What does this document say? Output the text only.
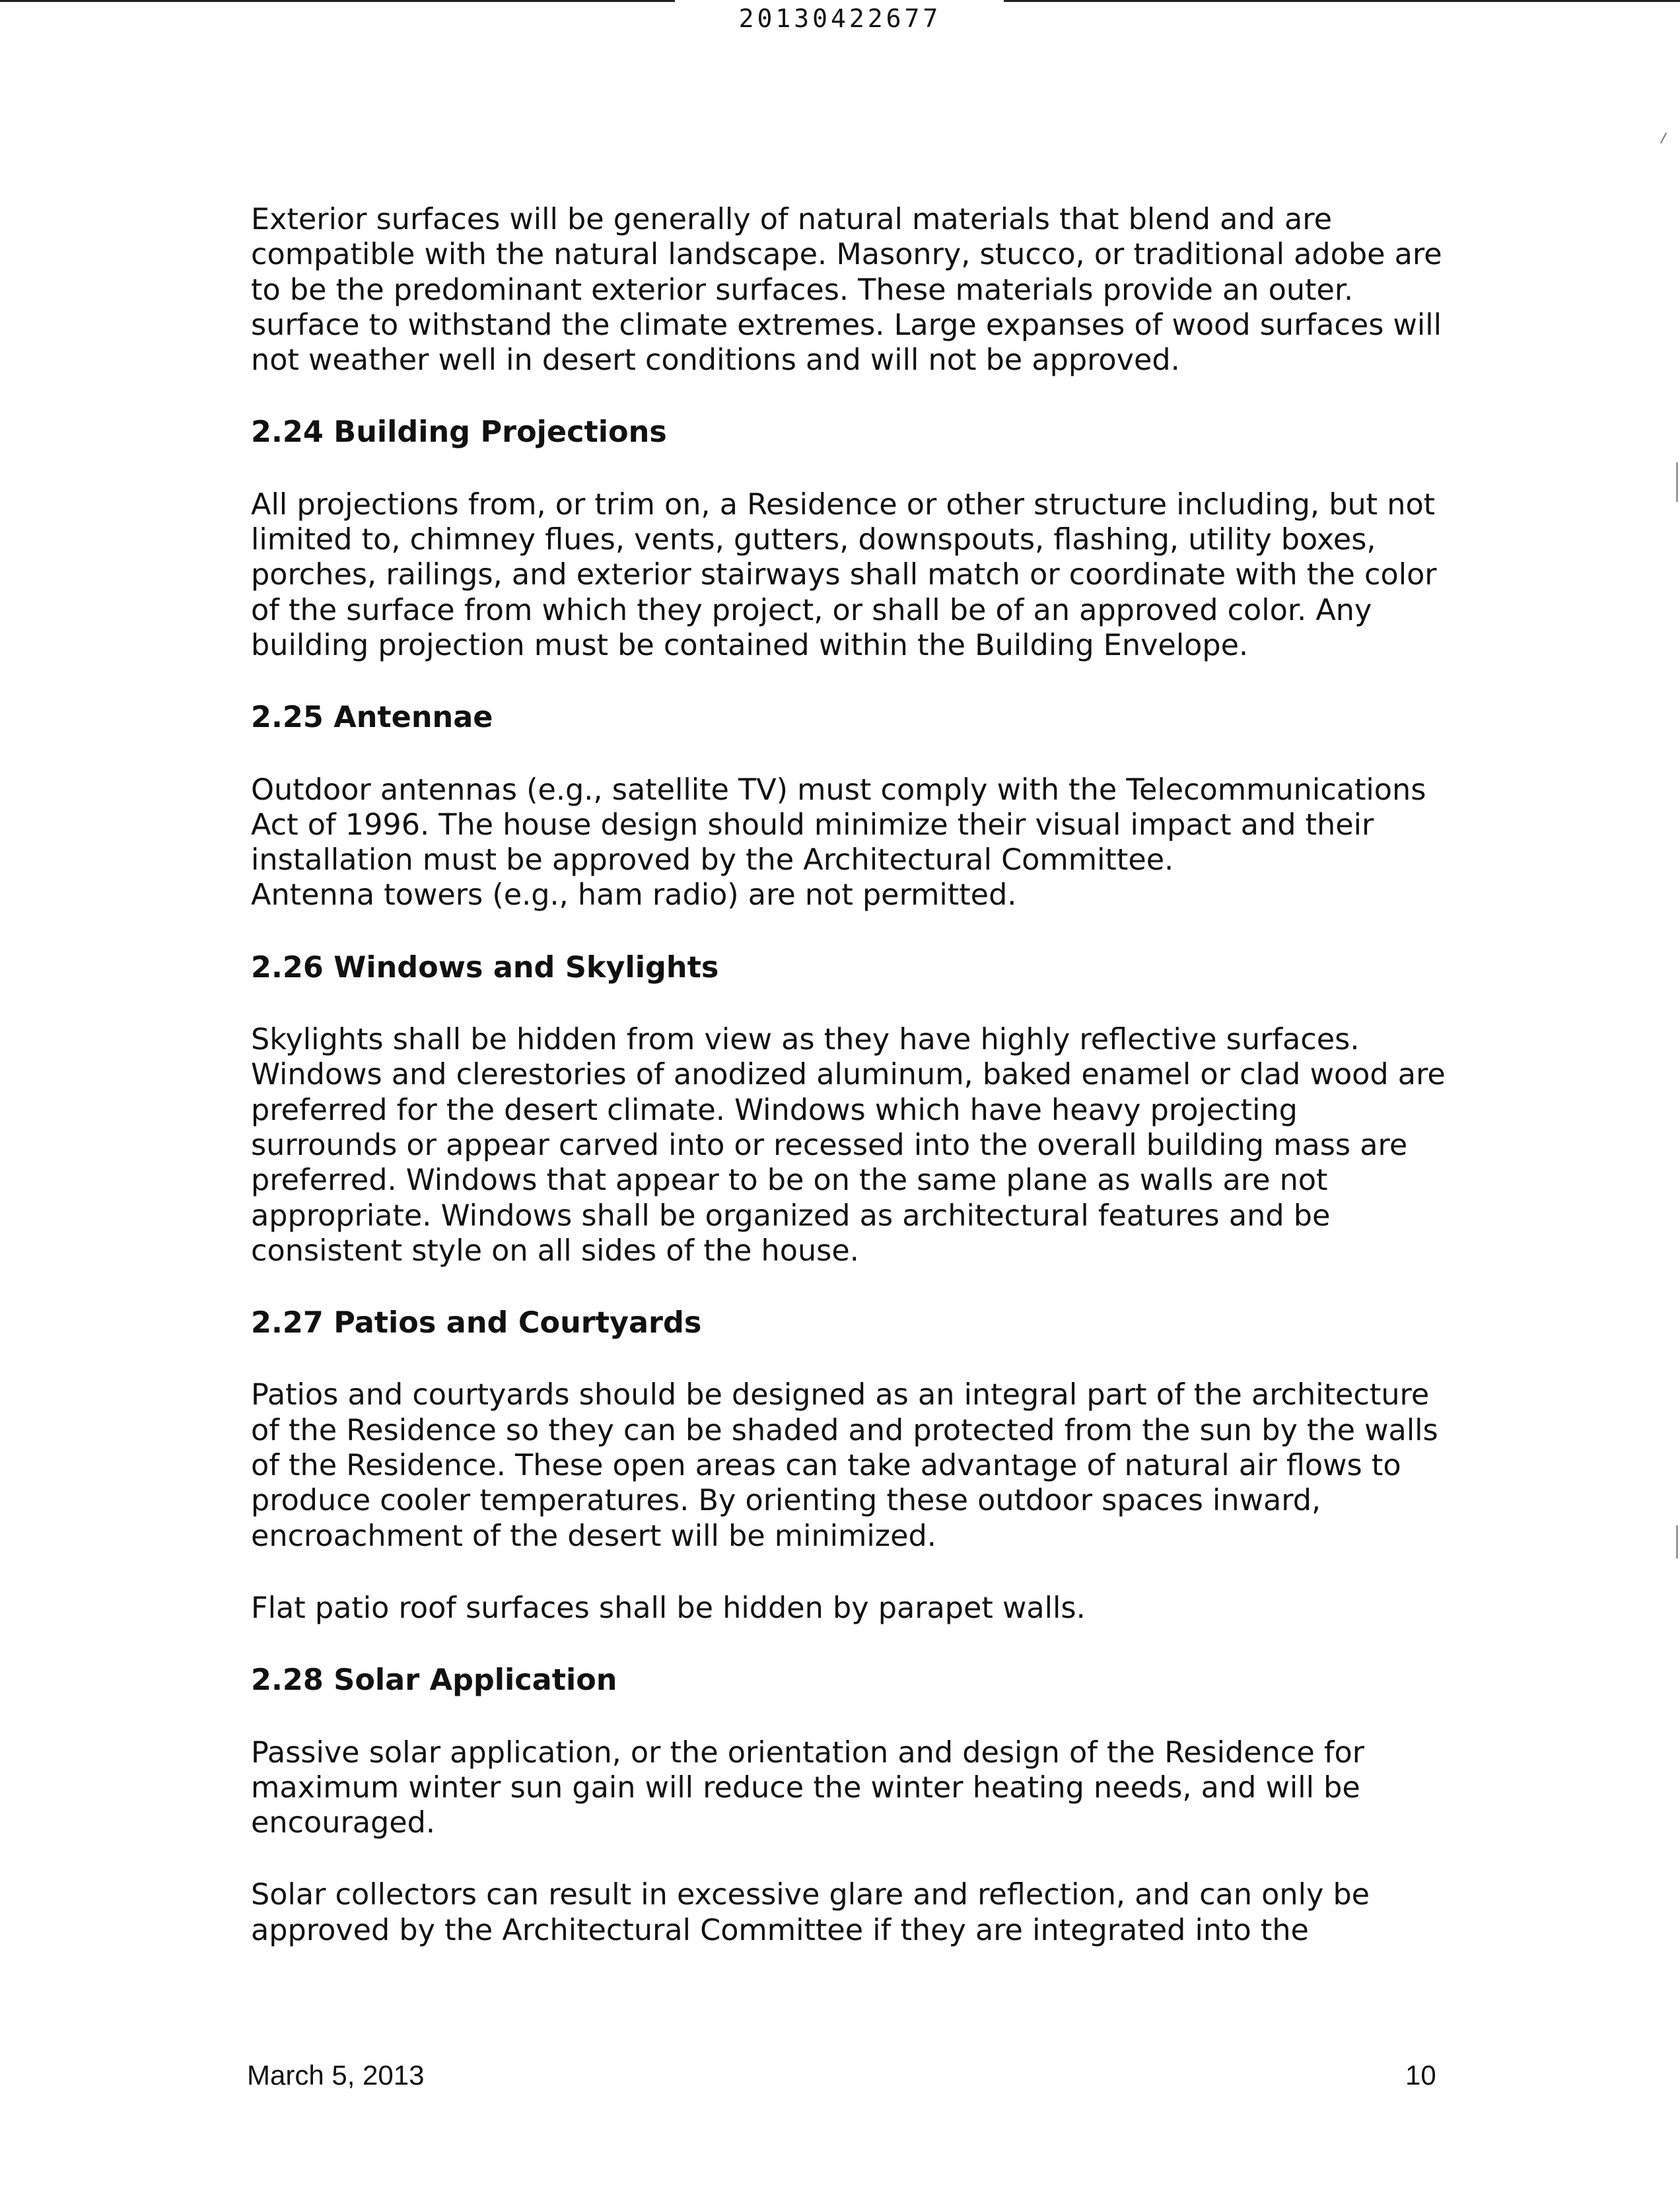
20130422677

Exterior surfaces will be generally of natural materials that blend and are
compatible with the natural landscape. Masonry, stucco, or traditional adobe are
to be the predominant exterior surfaces. These materials provide an outer.
surface to withstand the climate extremes. Large expanses of wood surfaces will
not weather well in desert conditions and will not be approved.

2.24 Building Projections

All projections from, or trim on, a Residence or other structure including, but not
limited to, chimney flues, vents, gutters, downspouts, flashing, utility boxes,
porches, railings, and exterior stairways shall match or coordinate with the color
of the surface from which they project, or shall be of an approved color. Any
building projection must be contained within the Building Envelope.

2.25 Antennae

Outdoor antennas (e.g., satellite TV) must comply with the Telecommunications
Act of 1996. The house design should minimize their visual impact and their
installation must be approved by the Architectural Committee.
Antenna towers (e.g., ham radio) are not permitted.

2.26 Windows and Skylights

Skylights shall be hidden from view as they have highly reflective surfaces.
Windows and clerestories of anodized aluminum, baked enamel or clad wood are
preferred for the desert climate. Windows which have heavy projecting
surrounds or appear carved into or recessed into the overall building mass are
preferred. Windows that appear to be on the same plane as walls are not
appropriate. Windows shall be organized as architectural features and be
consistent style on all sides of the house.

2.27 Patios and Courtyards

Patios and courtyards should be designed as an integral part of the architecture
of the Residence so they can be shaded and protected from the sun by the walls
of the Residence. These open areas can take advantage of natural air flows to
produce cooler temperatures. By orienting these outdoor spaces inward,
encroachment of the desert will be minimized.

Flat patio roof surfaces shall be hidden by parapet walls.

2.28 Solar Application

Passive solar application, or the orientation and design of the Residence for
maximum winter sun gain will reduce the winter heating needs, and will be
encouraged.

Solar collectors can result in excessive glare and reflection, and can only be
approved by the Architectural Committee if they are integrated into the

March 5, 2013	10
